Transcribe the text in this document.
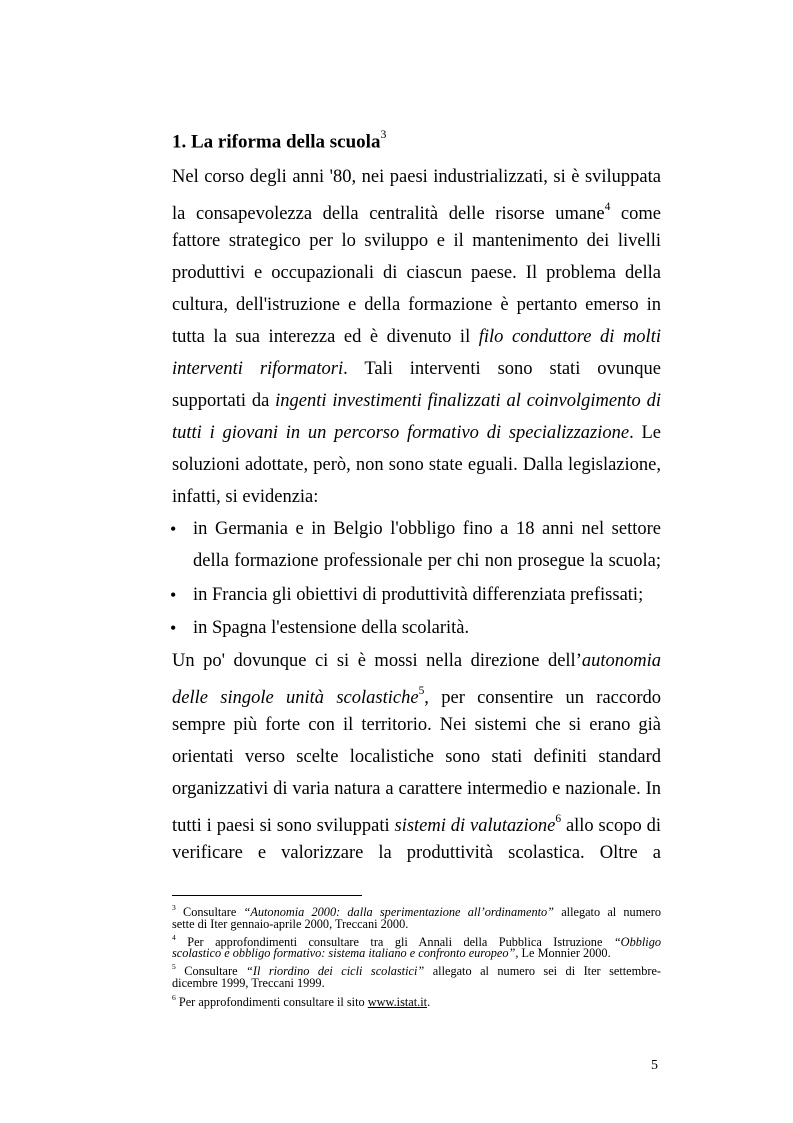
1. La riforma della scuola$^3$
Nel corso degli anni '80, nei paesi industrializzati, si è sviluppata
la consapevolezza della centralità delle risorse umane$^4$ come
fattore strategico per lo sviluppo e il mantenimento dei livelli
produttivi e occupazionali di ciascun paese. Il problema della
cultura, dell'istruzione e della formazione è pertanto emerso in
tutta la sua interezza ed è divenuto il filo conduttore di molti
interventi riformatori. Tali interventi sono stati ovunque
supportati da ingenti investimenti finalizzati al coinvolgimento di
tutti i giovani in un percorso formativo di specializzazione. Le
soluzioni adottate, però, non sono state eguali. Dalla legislazione,
infatti, si evidenzia:
• in Germania e in Belgio l'obbligo fino a 18 anni nel settore
della formazione professionale per chi non prosegue la scuola;
• in Francia gli obiettivi di produttività differenziata prefissati;
• in Spagna l'estensione della scolarità.
Un po' dovunque ci si è mossi nella direzione dell’autonomia
delle singole unità scolastiche$^5$, per consentire un raccordo
sempre più forte con il territorio. Nei sistemi che si erano già
orientati verso scelte localistiche sono stati definiti standard
organizzativi di varia natura a carattere intermedio e nazionale. In
tutti i paesi si sono sviluppati sistemi di valutazione$^6$ allo scopo di
verificare e valorizzare la produttività scolastica. Oltre a
$^3$ Consultare “Autonomia 2000: dalla sperimentazione all’ordinamento” allegato al numero
sette di Iter gennaio-aprile 2000, Treccani 2000.
$^4$ Per approfondimenti consultare tra gli Annali della Pubblica Istruzione “Obbligo
scolastico e obbligo formativo: sistema italiano e confronto europeo”, Le Monnier 2000.
$^5$ Consultare “Il riordino dei cicli scolastici” allegato al numero sei di Iter settembre-
dicembre 1999, Treccani 1999.
$^6$ Per approfondimenti consultare il sito www.istat.it.
5
